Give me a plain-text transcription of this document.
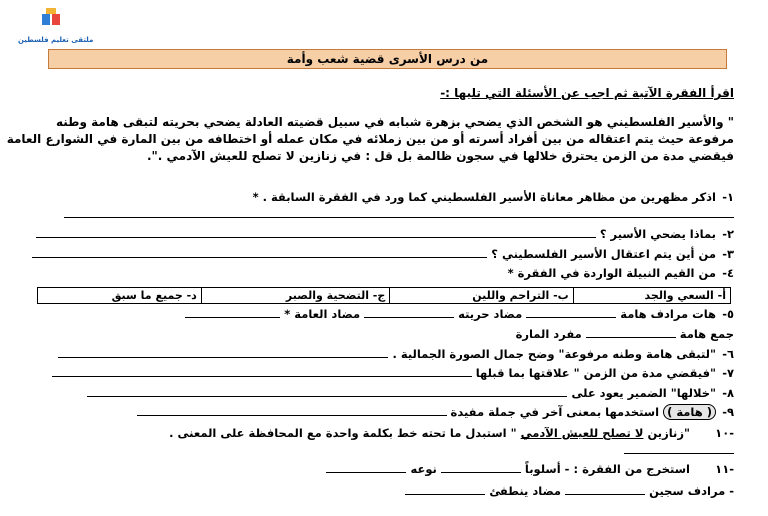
ملتقى تعليم فلسطين
من درس الأسرى قضية شعب وأمة
اقرأ الفقرة الآتية ثم اجب عن الأسئلة التي تليها :-
" والأسير الفلسطيني هو الشخص الذي يضحي بزهرة شبابه في سبيل قضيته العادلة يضحي بحريته لتبقى هامة وطنه
مرفوعة حيث يتم اعتقاله من بين أفراد أسرته أو من بين زملائه في مكان عمله أو اختطافه من بين المارة في الشوارع العامة
فيقضي مدة من الزمن يحترق خلالها في سجون ظالمة بل قل : في زنازين لا تصلح للعيش الآدمي .".
١- اذكر مظهرين من مظاهر معاناة الأسير الفلسطيني كما ورد في الفقرة السابقة . *
٢- بماذا يضحي الأسير ؟
٣- من أين يتم اعتقال الأسير الفلسطيني ؟
٤- من القيم النبيلة الواردة في الفقرة *
أ- السعي والجد	ب- التراحم واللين	ج- التضحية والصبر	د- جميع ما سبق
٥- هات مرادف هامة  مضاد حريته  مضاد العامة *
جمع هامة  مفرد المارة
٦- "لتبقى هامة وطنه مرفوعة" وضح جمال الصورة الجمالية .
٧- "فيقضي مدة من الزمن " علاقتها بما قبلها
٨- "خلالها" الضمير يعود على
٩- ( هامة ) استخدمها بمعنى آخر في جملة مفيدة
-١٠ "زنازين لا تصلح للعيش الآدمي " استبدل ما تحته خط بكلمة واحدة مع المحافظة على المعنى .
-١١ استخرج من الفقرة : - أسلوباً  نوعه
- مرادف سجين  مضاد ينطفئ
